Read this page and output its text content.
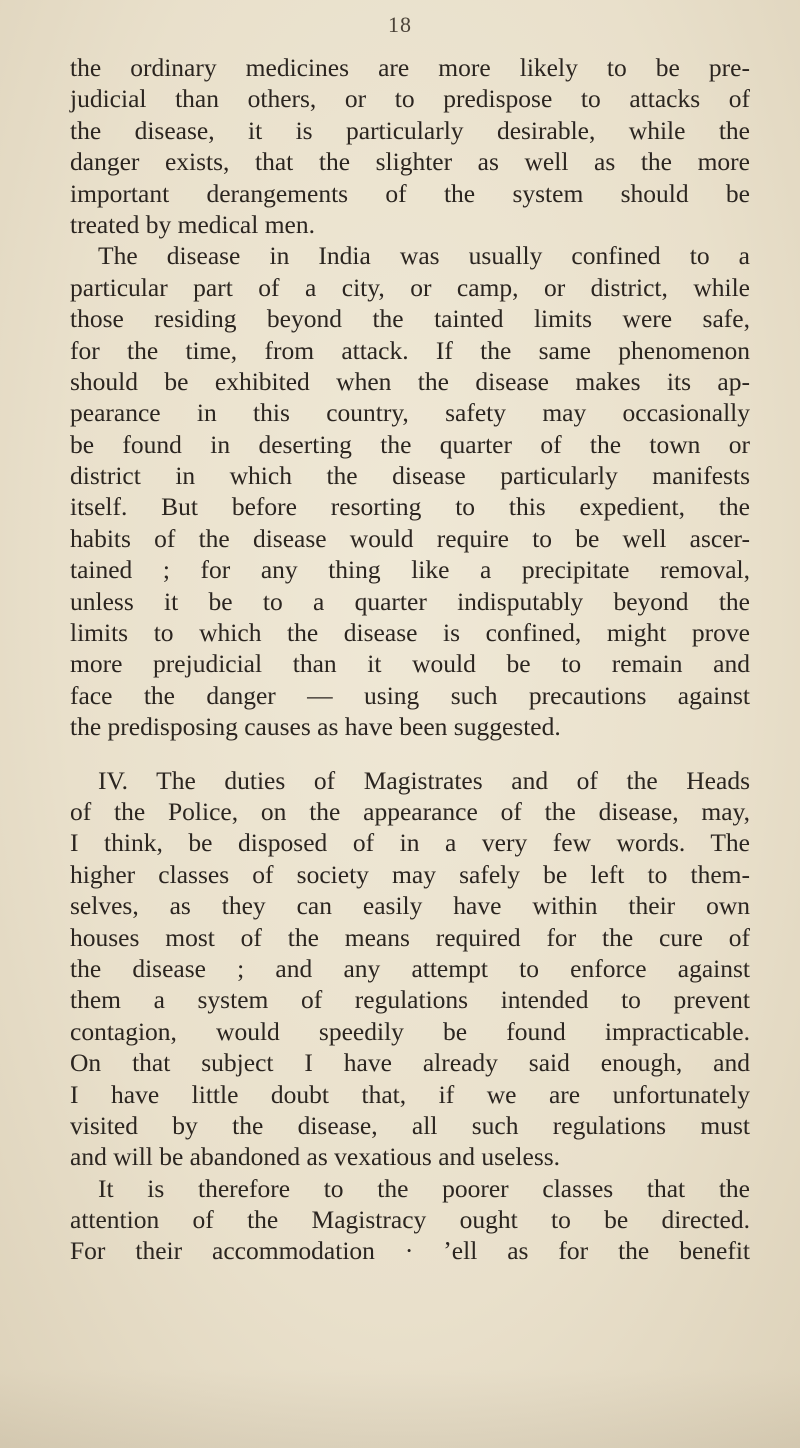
18
the ordinary medicines are more likely to be pre-
judicial than others, or to predispose to attacks of
the disease, it is particularly desirable, while the
danger exists, that the slighter as well as the more
important derangements of the system should be
treated by medical men.
The disease in India was usually confined to a
particular part of a city, or camp, or district, while
those residing beyond the tainted limits were safe,
for the time, from attack. If the same phenomenon
should be exhibited when the disease makes its ap-
pearance in this country, safety may occasionally
be found in deserting the quarter of the town or
district in which the disease particularly manifests
itself. But before resorting to this expedient, the
habits of the disease would require to be well ascer-
tained ; for any thing like a precipitate removal,
unless it be to a quarter indisputably beyond the
limits to which the disease is confined, might prove
more prejudicial than it would be to remain and
face the danger — using such precautions against
the predisposing causes as have been suggested.
IV. The duties of Magistrates and of the Heads
of the Police, on the appearance of the disease, may,
I think, be disposed of in a very few words. The
higher classes of society may safely be left to them-
selves, as they can easily have within their own
houses most of the means required for the cure of
the disease ; and any attempt to enforce against
them a system of regulations intended to prevent
contagion, would speedily be found impracticable.
On that subject I have already said enough, and
I have little doubt that, if we are unfortunately
visited by the disease, all such regulations must
and will be abandoned as vexatious and useless.
It is therefore to the poorer classes that the
attention of the Magistracy ought to be directed.
For their accommodation · ʼell as for the benefit
